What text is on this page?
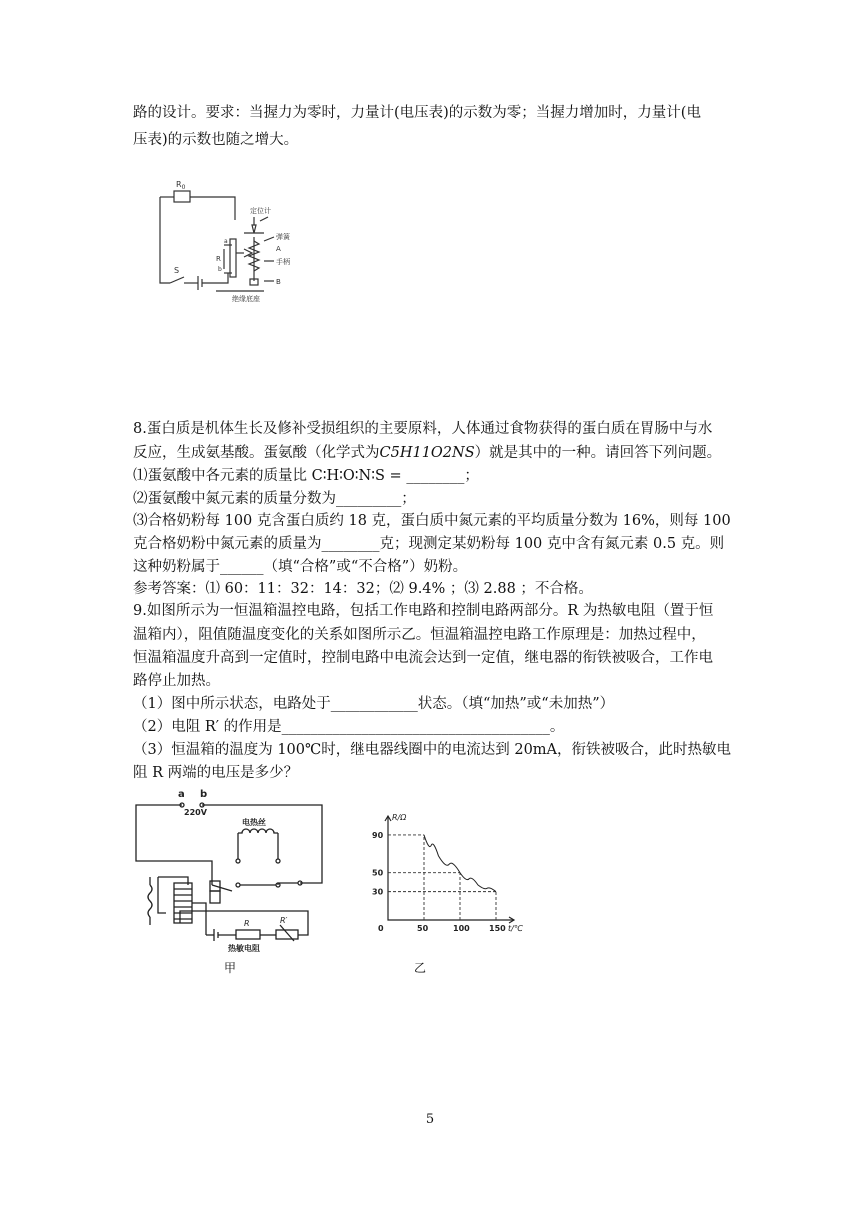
路的设计。要求：当握力为零时，力量计(电压表)的示数为零；当握力增加时，力量计(电
压表)的示数也随之增大。
$R_0$
S
定位计
弹簧
A
手柄
B
绝缘底座
R
a
b
8.蛋白质是机体生长及修补受损组织的主要原料，人体通过食物获得的蛋白质在胃肠中与水
反应，生成氨基酸。蛋氨酸（化学式为C5H11O2NS）就是其中的一种。请回答下列问题。
⑴蛋氨酸中各元素的质量比 C∶H∶O∶N∶S = ________；
⑵蛋氨酸中氮元素的质量分数为_________；
⑶合格奶粉每 100 克含蛋白质约 18 克，蛋白质中氮元素的平均质量分数为 16%，则每 100
克合格奶粉中氮元素的质量为________克；现测定某奶粉每 100 克中含有氮元素 0.5 克。则
这种奶粉属于______（填“合格”或“不合格”）奶粉。
参考答案：⑴ 60：11：32：14：32；⑵ 9.4% ；⑶ 2.88 ；不合格。
9.如图所示为一恒温箱温控电路，包括工作电路和控制电路两部分。R 为热敏电阻（置于恒
温箱内），阻值随温度变化的关系如图所示乙。恒温箱温控电路工作原理是：加热过程中，
恒温箱温度升高到一定值时，控制电路中电流会达到一定值，继电器的衔铁被吸合，工作电
路停止加热。
（1）图中所示状态，电路处于____________状态。（填“加热”或“未加热”）
（2）电阻 R′ 的作用是_____________________________________。
（3）恒温箱的温度为 100℃时，继电器线圈中的电流达到 20mA，衔铁被吸合，此时热敏电
阻 R 两端的电压是多少？
a b
220V
电热丝
R	R′
热敏电阻
甲
0	50	100 150
90
50
30
R/Ω
t/℃
乙
5
